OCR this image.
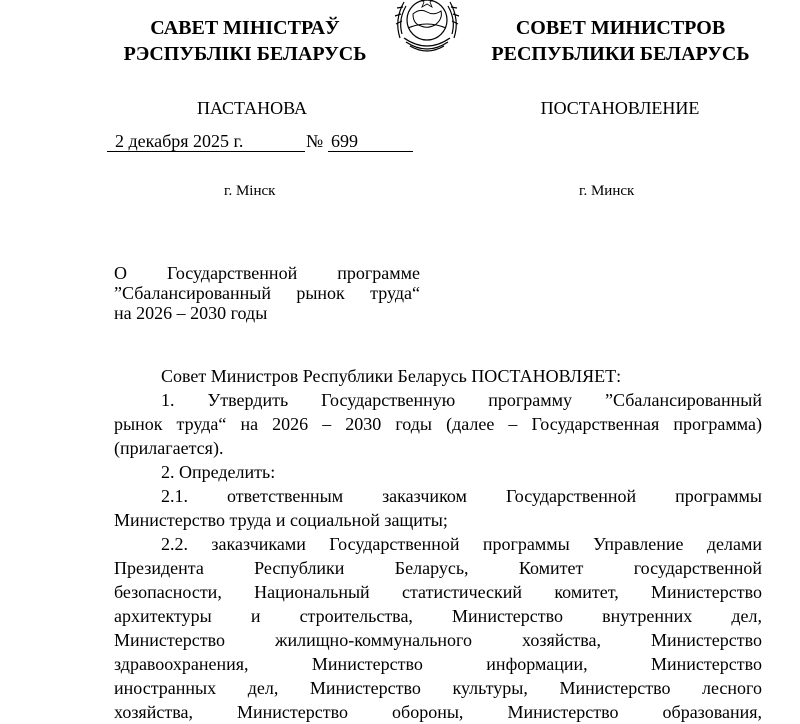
САВЕТ МІНІСТРАЎ
РЭСПУБЛІКІ БЕЛАРУСЬ
СОВЕТ МИНИСТРОВ
РЕСПУБЛИКИ БЕЛАРУСЬ
ПАСТАНОВА	ПОСТАНОВЛЕНИЕ
2 декабря 2025 г.	№ 699
г. Мінск	г. Минск
О Государственной программе
”Сбалансированный рынок труда“
на 2026 – 2030 годы
Совет Министров Республики Беларусь ПОСТАНОВЛЯЕТ:
1. Утвердить Государственную программу ”Сбалансированный
рынок труда“ на 2026 – 2030 годы (далее – Государственная программа)
(прилагается).
2. Определить:
2.1. ответственным заказчиком Государственной программы
Министерство труда и социальной защиты;
2.2. заказчиками Государственной программы Управление делами
Президента Республики Беларусь, Комитет государственной
безопасности, Национальный статистический комитет, Министерство
архитектуры и строительства, Министерство внутренних дел,
Министерство жилищно-коммунального хозяйства, Министерство
здравоохранения, Министерство информации, Министерство
иностранных дел, Министерство культуры, Министерство лесного
хозяйства, Министерство обороны, Министерство образования,
